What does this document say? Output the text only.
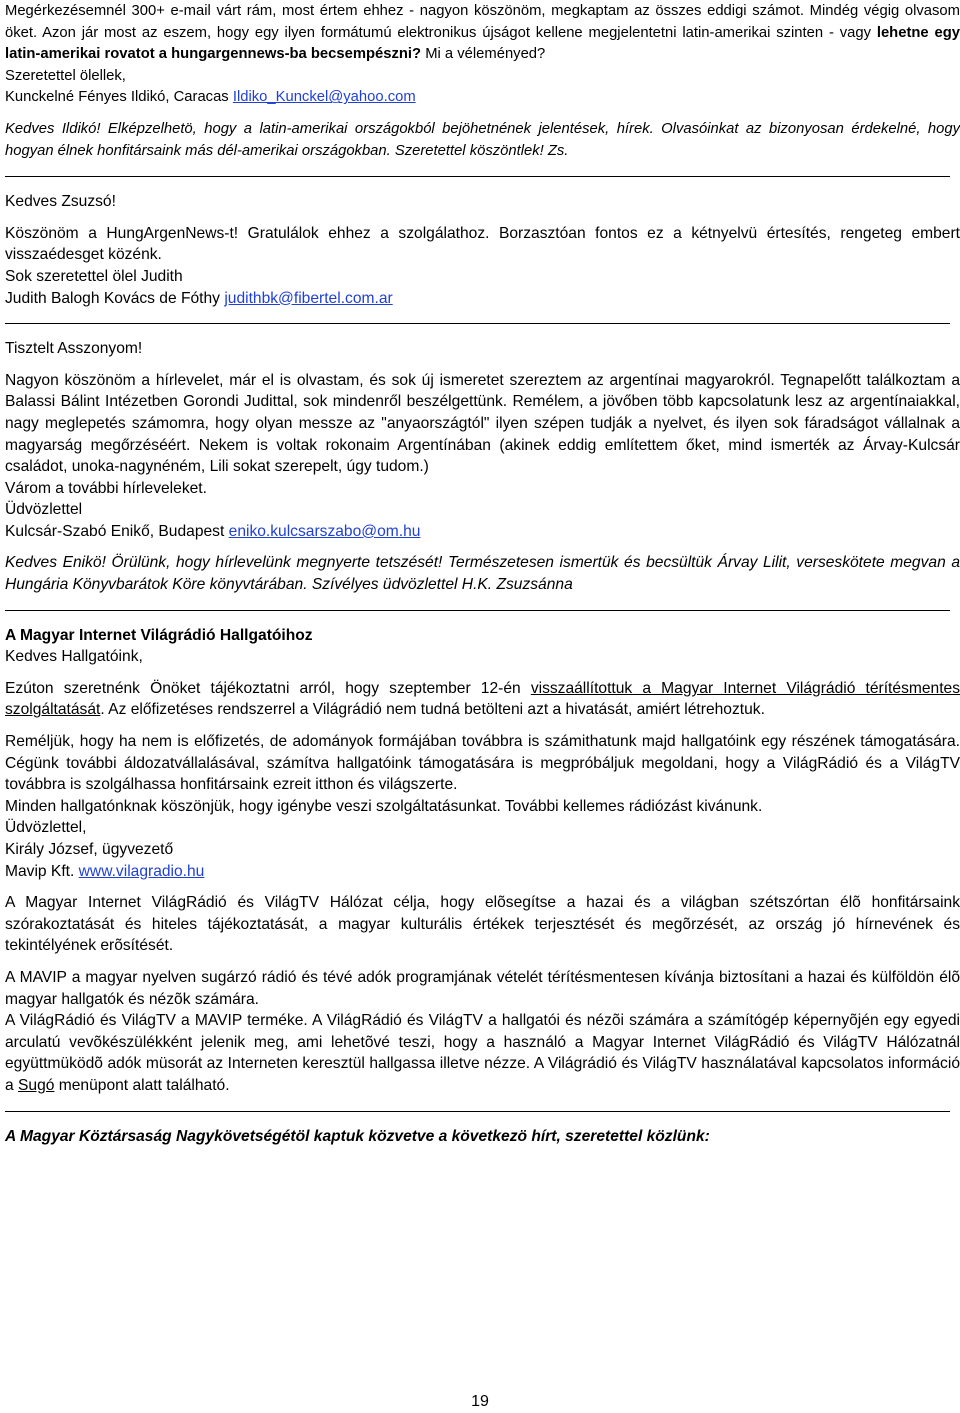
Megérkezésemnél 300+ e-mail várt rám, most értem ehhez - nagyon köszönöm, megkaptam az összes eddigi számot. Mindég végig olvasom öket. Azon jár most az eszem, hogy egy ilyen formátumú elektronikus újságot kellene megjelentetni latin-amerikai szinten - vagy lehetne egy latin-amerikai rovatot a hungargennews-ba becsempészni? Mi a véleményed?

Szeretettel ölellek,

Kunckelné Fényes Ildikó, Caracas Ildiko_Kunckel@yahoo.com

Kedves Ildikó! Elképzelhetö, hogy a latin-amerikai országokból bejöhetnének jelentések, hírek. Olvasóinkat az bizonyosan érdekelné, hogy hogyan élnek honfitársaink más dél-amerikai országokban. Szeretettel köszöntlek! Zs.

Kedves Zsuzsó!

Köszönöm a HungArgenNews-t! Gratulálok ehhez a szolgálathoz. Borzasztóan fontos ez a kétnyelvü értesítés, rengeteg embert visszaédesget közénk.

Sok szeretettel ölel Judith

Judith Balogh Kovács de Fóthy judithbk@fibertel.com.ar

Tisztelt Asszonyom!

Nagyon köszönöm a hírlevelet, már el is olvastam, és sok új ismeretet szereztem az argentínai magyarokról. Tegnapelőtt találkoztam a Balassi Bálint Intézetben Gorondi Judittal, sok mindenről beszélgettünk. Remélem, a jövőben több kapcsolatunk lesz az argentínaiakkal, nagy meglepetés számomra, hogy olyan messze az "anyaországtól" ilyen szépen tudják a nyelvet, és ilyen sok fáradságot vállalnak a magyarság megőrzéséért. Nekem is voltak rokonaim Argentínában (akinek eddig említettem őket, mind ismerték az Árvay-Kulcsár családot, unoka-nagynéném, Lili sokat szerepelt, úgy tudom.)

Várom a további hírleveleket.

Üdvözlettel

Kulcsár-Szabó Enikő, Budapest eniko.kulcsarszabo@om.hu

Kedves Enikö! Örülünk, hogy hírlevelünk megnyerte tetszését! Természetesen ismertük és becsültük Árvay Lilit, verseskötete megvan a Hungária Könyvbarátok Köre könyvtárában. Szívélyes üdvözlettel H.K. Zsuzsánna

A Magyar Internet Világrádió Hallgatóihoz

Kedves Hallgatóink,

Ezúton szeretnénk Önöket tájékoztatni arról, hogy szeptember 12-én visszaállítottuk a Magyar Internet Világrádió térítésmentes szolgáltatását. Az előfizetéses rendszerrel a Világrádió nem tudná betölteni azt a hivatását, amiért létrehoztuk.

Reméljük, hogy ha nem is előfizetés, de adományok formájában továbbra is számithatunk majd hallgatóink egy részének támogatására. Cégünk további áldozatvállalásával, számítva hallgatóink támogatására is megpróbáljuk megoldani, hogy a VilágRádió és a VilágTV továbbra is szolgálhassa honfitársaink ezreit itthon és világszerte.

Minden hallgatónknak köszönjük, hogy igénybe veszi szolgáltatásunkat. További kellemes rádiózást kivánunk.

Üdvözlettel,

Király József, ügyvezető

Mavip Kft. www.vilagradio.hu

A Magyar Internet VilágRádió és VilágTV Hálózat célja, hogy elõsegítse a hazai és a világban szétszórtan élõ honfitársaink szórakoztatását és hiteles tájékoztatását, a magyar kulturális értékek terjesztését és megõrzését, az ország jó hírnevének és tekintélyének erõsítését.

A MAVIP a magyar nyelven sugárzó rádió és tévé adók programjának vételét térítésmentesen kívánja biztosítani a hazai és külföldön élõ magyar hallgatók és nézõk számára.

A VilágRádió és VilágTV a MAVIP terméke. A VilágRádió és VilágTV a hallgatói és nézõi számára a számítógép képernyõjén egy egyedi arculatú vevõkészülékként jelenik meg, ami lehetõvé teszi, hogy a használó a Magyar Internet VilágRádió és VilágTV Hálózatnál együttmüködõ adók müsorát az Interneten keresztül hallgassa illetve nézze. A Világrádió és VilágTV használatával kapcsolatos információ a Sugó menüpont alatt található.

A Magyar Köztársaság Nagykövetségétöl kaptuk közvetve a következö hírt, szeretettel közlünk:

19
